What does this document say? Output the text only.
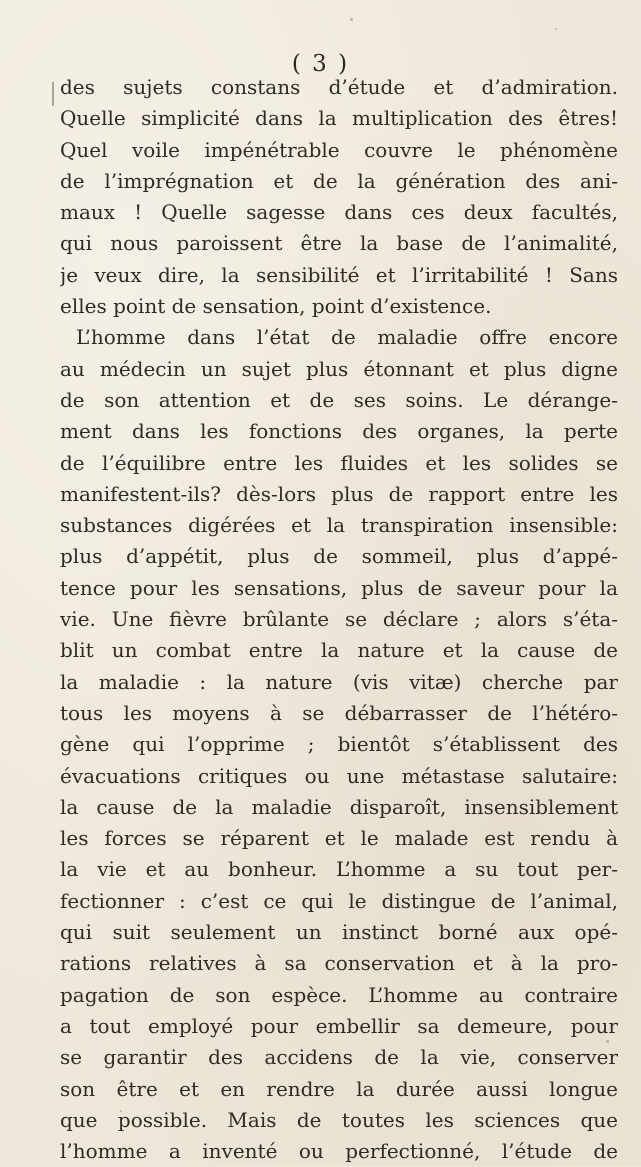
( 3 )
des sujets constans d’étude et d’admiration.
Quelle simplicité dans la multiplication des êtres!
Quel voile impénétrable couvre le phénomène
de l’imprégnation et de la génération des ani-
maux ! Quelle sagesse dans ces deux facultés,
qui nous paroissent être la base de l’animalité,
je veux dire, la sensibilité et l’irritabilité ! Sans
elles point de sensation, point d’existence.
L’homme dans l’état de maladie offre encore
au médecin un sujet plus étonnant et plus digne
de son attention et de ses soins. Le dérange-
ment dans les fonctions des organes, la perte
de l’équilibre entre les fluides et les solides se
manifestent-ils? dès-lors plus de rapport entre les
substances digérées et la transpiration insensible:
plus d’appétit, plus de sommeil, plus d’appé-
tence pour les sensations, plus de saveur pour la
vie. Une fièvre brûlante se déclare ; alors s’éta-
blit un combat entre la nature et la cause de
la maladie : la nature (vis vitæ) cherche par
tous les moyens à se débarrasser de l’hétéro-
gène qui l’opprime ; bientôt s’établissent des
évacuations critiques ou une métastase salutaire:
la cause de la maladie disparoît, insensiblement
les forces se réparent et le malade est rendu à
la vie et au bonheur. L’homme a su tout per-
fectionner : c’est ce qui le distingue de l’animal,
qui suit seulement un instinct borné aux opé-
rations relatives à sa conservation et à la pro-
pagation de son espèce. L’homme au contraire
a tout employé pour embellir sa demeure, pour
se garantir des accidens de la vie, conserver
son être et en rendre la durée aussi longue
que possible. Mais de toutes les sciences que
l’homme a inventé ou perfectionné, l’étude de
